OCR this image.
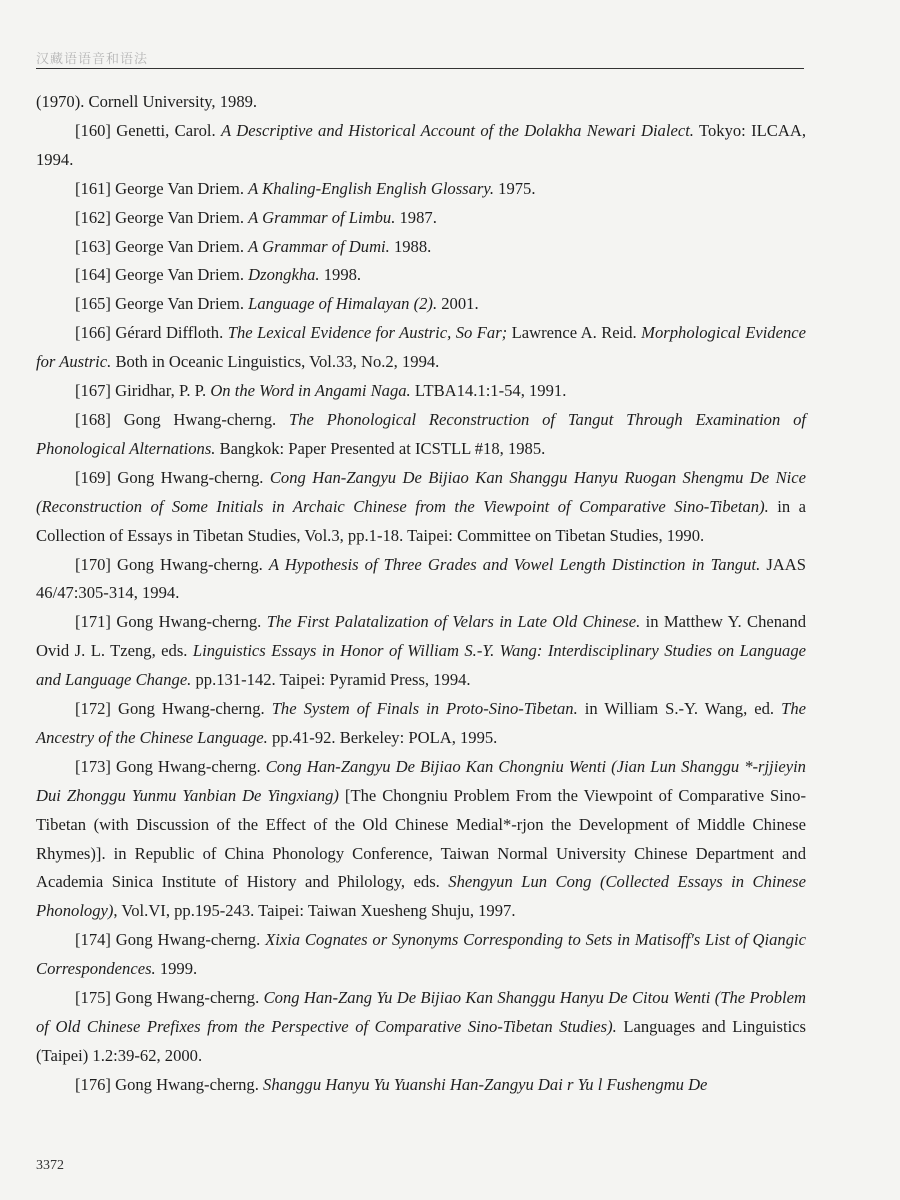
汉藏语语音和语法

(1970). Cornell University, 1989.

[160] Genetti, Carol. A Descriptive and Historical Account of the Dolakha Newari Dialect. Tokyo: ILCAA, 1994.

[161] George Van Driem. A Khaling-English English Glossary. 1975.

[162] George Van Driem. A Grammar of Limbu. 1987.

[163] George Van Driem. A Grammar of Dumi. 1988.

[164] George Van Driem. Dzongkha. 1998.

[165] George Van Driem. Language of Himalayan (2). 2001.

[166] Gérard Diffloth. The Lexical Evidence for Austric, So Far; Lawrence A. Reid. Morphological Evidence for Austric. Both in Oceanic Linguistics, Vol.33, No.2, 1994.

[167] Giridhar, P. P. On the Word in Angami Naga. LTBA14.1:1-54, 1991.

[168] Gong Hwang-cherng. The Phonological Reconstruction of Tangut Through Examination of Phonological Alternations. Bangkok: Paper Presented at ICSTLL #18, 1985.

[169] Gong Hwang-cherng. Cong Han-Zangyu De Bijiao Kan Shanggu Hanyu Ruogan Shengmu De Nice (Reconstruction of Some Initials in Archaic Chinese from the Viewpoint of Comparative Sino-Tibetan). in a Collection of Essays in Tibetan Studies, Vol.3, pp.1-18. Taipei: Committee on Tibetan Studies, 1990.

[170] Gong Hwang-cherng. A Hypothesis of Three Grades and Vowel Length Distinction in Tangut. JAAS 46/47:305-314, 1994.

[171] Gong Hwang-cherng. The First Palatalization of Velars in Late Old Chinese. in Matthew Y. Chenand Ovid J. L. Tzeng, eds. Linguistics Essays in Honor of William S.-Y. Wang: Interdisciplinary Studies on Language and Language Change. pp.131-142. Taipei: Pyramid Press, 1994.

[172] Gong Hwang-cherng. The System of Finals in Proto-Sino-Tibetan. in William S.-Y. Wang, ed. The Ancestry of the Chinese Language. pp.41-92. Berkeley: POLA, 1995.

[173] Gong Hwang-cherng. Cong Han-Zangyu De Bijiao Kan Chongniu Wenti (Jian Lun Shanggu *-rjjieyin Dui Zhonggu Yunmu Yanbian De Yingxiang) [The Chongniu Problem From the Viewpoint of Comparative Sino-Tibetan (with Discussion of the Effect of the Old Chinese Medial*-rjon the Development of Middle Chinese Rhymes)]. in Republic of China Phonology Conference, Taiwan Normal University Chinese Department and Academia Sinica Institute of History and Philology, eds. Shengyun Lun Cong (Collected Essays in Chinese Phonology), Vol.VI, pp.195-243. Taipei: Taiwan Xuesheng Shuju, 1997.

[174] Gong Hwang-cherng. Xixia Cognates or Synonyms Corresponding to Sets in Matisoff's List of Qiangic Correspondences. 1999.

[175] Gong Hwang-cherng. Cong Han-Zang Yu De Bijiao Kan Shanggu Hanyu De Citou Wenti (The Problem of Old Chinese Prefixes from the Perspective of Comparative Sino-Tibetan Studies). Languages and Linguistics (Taipei) 1.2:39-62, 2000.

[176] Gong Hwang-cherng. Shanggu Hanyu Yu Yuanshi Han-Zangyu Dai r Yu l Fushengmu De

3372
